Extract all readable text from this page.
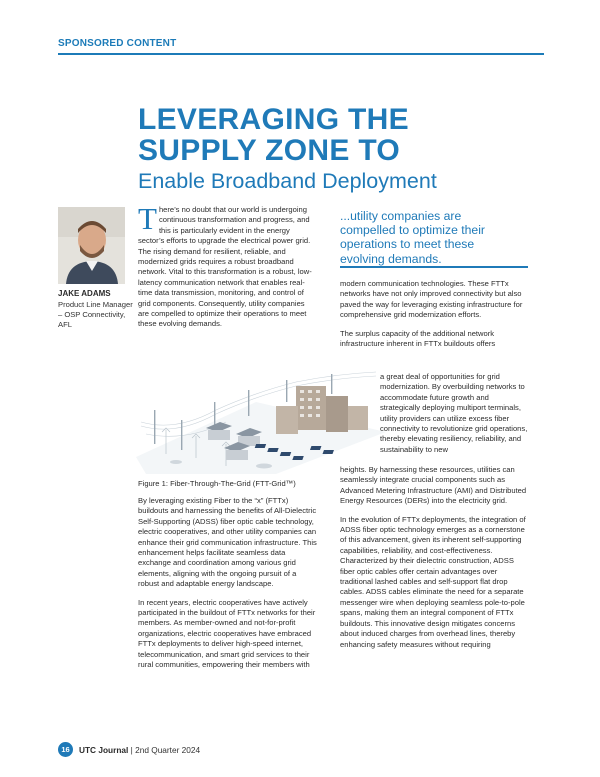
SPONSORED CONTENT
LEVERAGING THE
SUPPLY ZONE TO
Enable Broadband Deployment
JAKE ADAMS
Product Line Manager – OSP Connectivity, AFL

There’s no doubt that our world is undergoing continuous transformation and progress, and this is particularly evident in the energy sector’s efforts to upgrade the electrical power grid. The rising demand for resilient, reliable, and modernized grids requires a robust broadband network. Vital to this transformation is a robust, low-latency communication network that enables real-time data transmission, monitoring, and control of grid components. Consequently, utility companies are compelled to optimize their operations to meet these evolving demands.

...utility companies are compelled to optimize their operations to meet these evolving demands.

modern communication technologies. These FTTx networks have not only improved connectivity but also paved the way for leveraging existing infrastructure for comprehensive grid modernization efforts.

The surplus capacity of the additional network infrastructure inherent in FTTx buildouts offers

a great deal of opportunities for grid modernization. By overbuilding networks to accommodate future growth and strategically deploying multiport terminals, utility providers can utilize excess fiber connectivity to revolutionize grid operations, thereby elevating resiliency, reliability, and sustainability to new
Figure 1: Fiber-Through-The-Grid (FTT-Grid™)

By leveraging existing Fiber to the “x” (FTTx) buildouts and harnessing the benefits of All-Dielectric Self-Supporting (ADSS) fiber optic cable technology, electric cooperatives, and other utility companies can enhance their grid communication infrastructure. This enhancement helps facilitate seamless data exchange and coordination among various grid elements, aligning with the ongoing pursuit of a robust and adaptable energy landscape.

In recent years, electric cooperatives have actively participated in the buildout of FTTx networks for their members. As member-owned and not-for-profit organizations, electric cooperatives have embraced FTTx deployments to deliver high-speed internet, telecommunication, and smart grid services to their rural communities, empowering their members with

heights. By harnessing these resources, utilities can seamlessly integrate crucial components such as Advanced Metering Infrastructure (AMI) and Distributed Energy Resources (DERs) into the electricity grid.

In the evolution of FTTx deployments, the integration of ADSS fiber optic technology emerges as a cornerstone of this advancement, given its inherent self-supporting capabilities, reliability, and cost-effectiveness. Characterized by their dielectric construction, ADSS fiber optic cables offer certain advantages over traditional lashed cables and self-support flat drop cables. ADSS cables eliminate the need for a separate messenger wire when deploying seamless pole-to-pole spans, making them an integral component of FTTx buildouts. This innovative design mitigates concerns about induced charges from overhead lines, thereby enhancing safety measures without requiring

16	UTC Journal | 2nd Quarter 2024
